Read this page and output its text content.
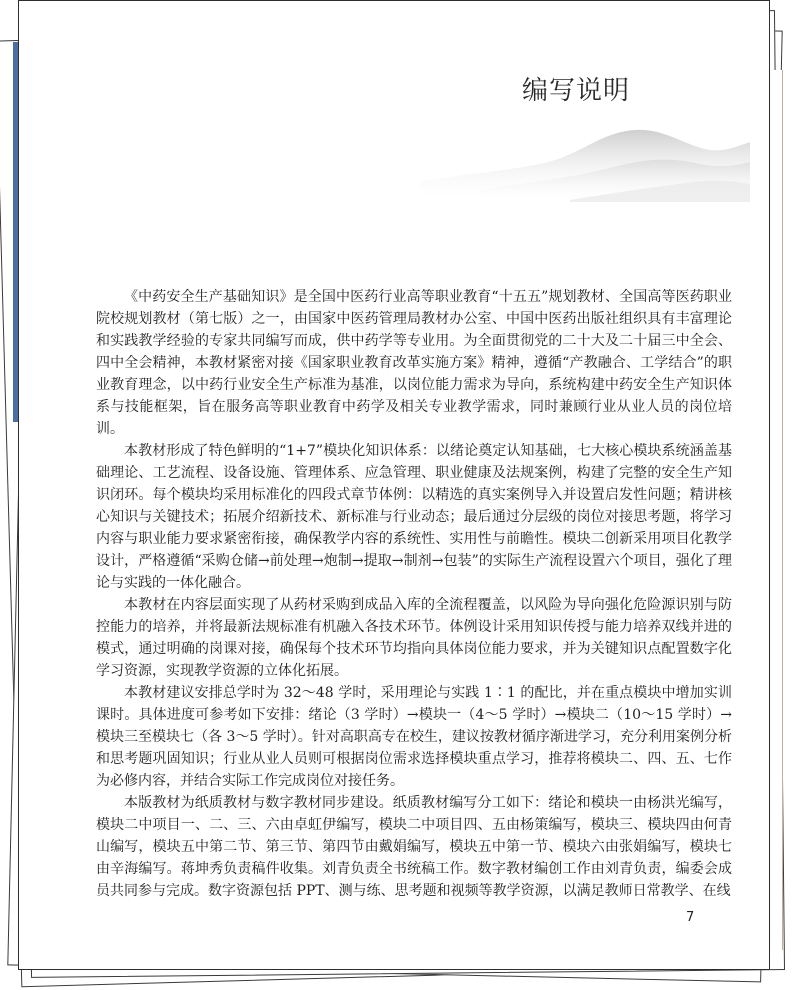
编写说明

《中药安全生产基础知识》是全国中医药行业高等职业教育“十五五”规划教材、全国高等医药职业院校规划教材（第七版）之一，由国家中医药管理局教材办公室、中国中医药出版社组织具有丰富理论和实践教学经验的专家共同编写而成，供中药学等专业用。为全面贯彻党的二十大及二十届三中全会、四中全会精神，本教材紧密对接《国家职业教育改革实施方案》精神，遵循“产教融合、工学结合”的职业教育理念，以中药行业安全生产标准为基准，以岗位能力需求为导向，系统构建中药安全生产知识体系与技能框架，旨在服务高等职业教育中药学及相关专业教学需求，同时兼顾行业从业人员的岗位培训。

本教材形成了特色鲜明的“1+7”模块化知识体系：以绪论奠定认知基础，七大核心模块系统涵盖基础理论、工艺流程、设备设施、管理体系、应急管理、职业健康及法规案例，构建了完整的安全生产知识闭环。每个模块均采用标准化的四段式章节体例：以精选的真实案例导入并设置启发性问题；精讲核心知识与关键技术；拓展介绍新技术、新标准与行业动态；最后通过分层级的岗位对接思考题，将学习内容与职业能力要求紧密衔接，确保教学内容的系统性、实用性与前瞻性。模块二创新采用项目化教学设计，严格遵循“采购仓储→前处理→炮制→提取→制剂→包装”的实际生产流程设置六个项目，强化了理论与实践的一体化融合。

本教材在内容层面实现了从药材采购到成品入库的全流程覆盖，以风险为导向强化危险源识别与防控能力的培养，并将最新法规标准有机融入各技术环节。体例设计采用知识传授与能力培养双线并进的模式，通过明确的岗课对接，确保每个技术环节均指向具体岗位能力要求，并为关键知识点配置数字化学习资源，实现教学资源的立体化拓展。

本教材建议安排总学时为 32～48 学时，采用理论与实践 1∶1 的配比，并在重点模块中增加实训课时。具体进度可参考如下安排：绪论（3 学时）→模块一（4～5 学时）→模块二（10～15 学时）→模块三至模块七（各 3～5 学时）。针对高职高专在校生，建议按教材循序渐进学习，充分利用案例分析和思考题巩固知识；行业从业人员则可根据岗位需求选择模块重点学习，推荐将模块二、四、五、七作为必修内容，并结合实际工作完成岗位对接任务。

本版教材为纸质教材与数字教材同步建设。纸质教材编写分工如下：绪论和模块一由杨洪光编写，模块二中项目一、二、三、六由卓虹伊编写，模块二中项目四、五由杨策编写，模块三、模块四由何青山编写，模块五中第二节、第三节、第四节由戴娟编写，模块五中第一节、模块六由张娟编写，模块七由辛海编写。蒋坤秀负责稿件收集。刘青负责全书统稿工作。数字教材编创工作由刘青负责，编委会成员共同参与完成。数字资源包括 PPT、测与练、思考题和视频等教学资源，以满足教师日常教学、在线

7
